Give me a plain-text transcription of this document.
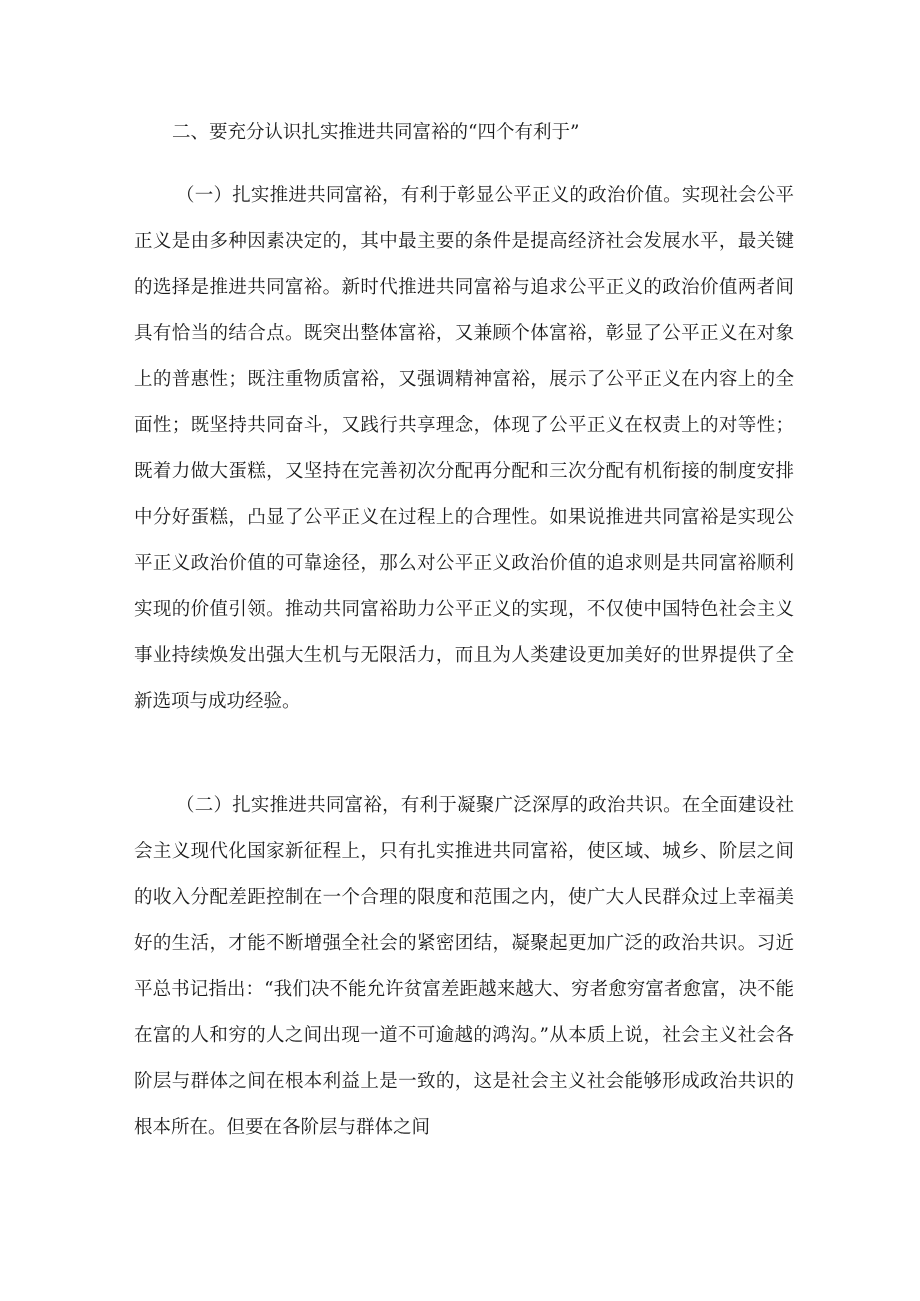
二、要充分认识扎实推进共同富裕的“四个有利于”

（一）扎实推进共同富裕，有利于彰显公平正义的政治价值。实现社会公平正义是由多种因素决定的，其中最主要的条件是提高经济社会发展水平，最关键的选择是推进共同富裕。新时代推进共同富裕与追求公平正义的政治价值两者间具有恰当的结合点。既突出整体富裕，又兼顾个体富裕，彰显了公平正义在对象上的普惠性；既注重物质富裕，又强调精神富裕，展示了公平正义在内容上的全面性；既坚持共同奋斗，又践行共享理念，体现了公平正义在权责上的对等性；既着力做大蛋糕，又坚持在完善初次分配再分配和三次分配有机衔接的制度安排中分好蛋糕，凸显了公平正义在过程上的合理性。如果说推进共同富裕是实现公平正义政治价值的可靠途径，那么对公平正义政治价值的追求则是共同富裕顺利实现的价值引领。推动共同富裕助力公平正义的实现，不仅使中国特色社会主义事业持续焕发出强大生机与无限活力，而且为人类建设更加美好的世界提供了全新选项与成功经验。

（二）扎实推进共同富裕，有利于凝聚广泛深厚的政治共识。在全面建设社会主义现代化国家新征程上，只有扎实推进共同富裕，使区域、城乡、阶层之间的收入分配差距控制在一个合理的限度和范围之内，使广大人民群众过上幸福美好的生活，才能不断增强全社会的紧密团结，凝聚起更加广泛的政治共识。习近平总书记指出：“我们决不能允许贫富差距越来越大、穷者愈穷富者愈富，决不能在富的人和穷的人之间出现一道不可逾越的鸿沟。”从本质上说，社会主义社会各阶层与群体之间在根本利益上是一致的，这是社会主义社会能够形成政治共识的根本所在。但要在各阶层与群体之间
